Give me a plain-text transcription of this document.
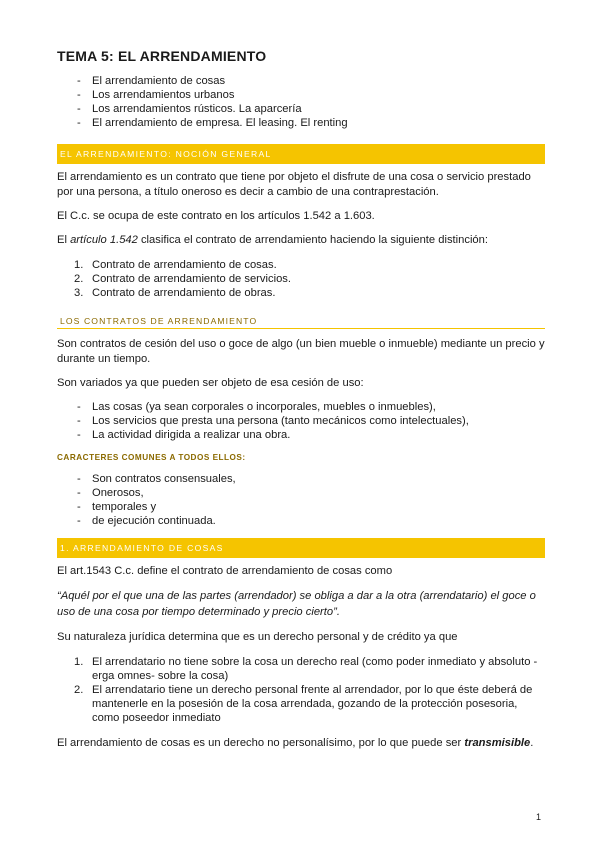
TEMA 5: EL ARRENDAMIENTO
- El arrendamiento de cosas
- Los arrendamientos urbanos
- Los arrendamientos rústicos. La aparcería
- El arrendamiento de empresa. El leasing. El renting
EL ARRENDAMIENTO: NOCIÓN GENERAL

El arrendamiento es un contrato que tiene por objeto el disfrute de una cosa o servicio prestado por una persona, a título oneroso es decir a cambio de una contraprestación.

El C.c. se ocupa de este contrato en los artículos 1.542 a 1.603.

El artículo 1.542 clasifica el contrato de arrendamiento haciendo la siguiente distinción:

1. Contrato de arrendamiento de cosas.
2. Contrato de arrendamiento de servicios.
3. Contrato de arrendamiento de obras.
LOS CONTRATOS DE ARRENDAMIENTO

Son contratos de cesión del uso o goce de algo (un bien mueble o inmueble) mediante un precio y durante un tiempo.

Son variados ya que pueden ser objeto de esa cesión de uso:

- Las cosas (ya sean corporales o incorporales, muebles o inmuebles),
- Los servicios que presta una persona (tanto mecánicos como intelectuales),
- La actividad dirigida a realizar una obra.
CARACTERES COMUNES A TODOS ELLOS:
- Son contratos consensuales,
- Onerosos,
- temporales y
- de ejecución continuada.
1. ARRENDAMIENTO DE COSAS

El art.1543 C.c. define el contrato de arrendamiento de cosas como

“Aquél por el que una de las partes (arrendador) se obliga a dar a la otra (arrendatario) el goce o uso de una cosa por tiempo determinado y precio cierto”.

Su naturaleza jurídica determina que es un derecho personal y de crédito ya que

1. El arrendatario no tiene sobre la cosa un derecho real (como poder inmediato y absoluto - erga omnes- sobre la cosa)
2. El arrendatario tiene un derecho personal frente al arrendador, por lo que éste deberá de mantenerle en la posesión de la cosa arrendada, gozando de la protección posesoria, como poseedor inmediato

El arrendamiento de cosas es un derecho no personalísimo, por lo que puede ser transmisible.

1
